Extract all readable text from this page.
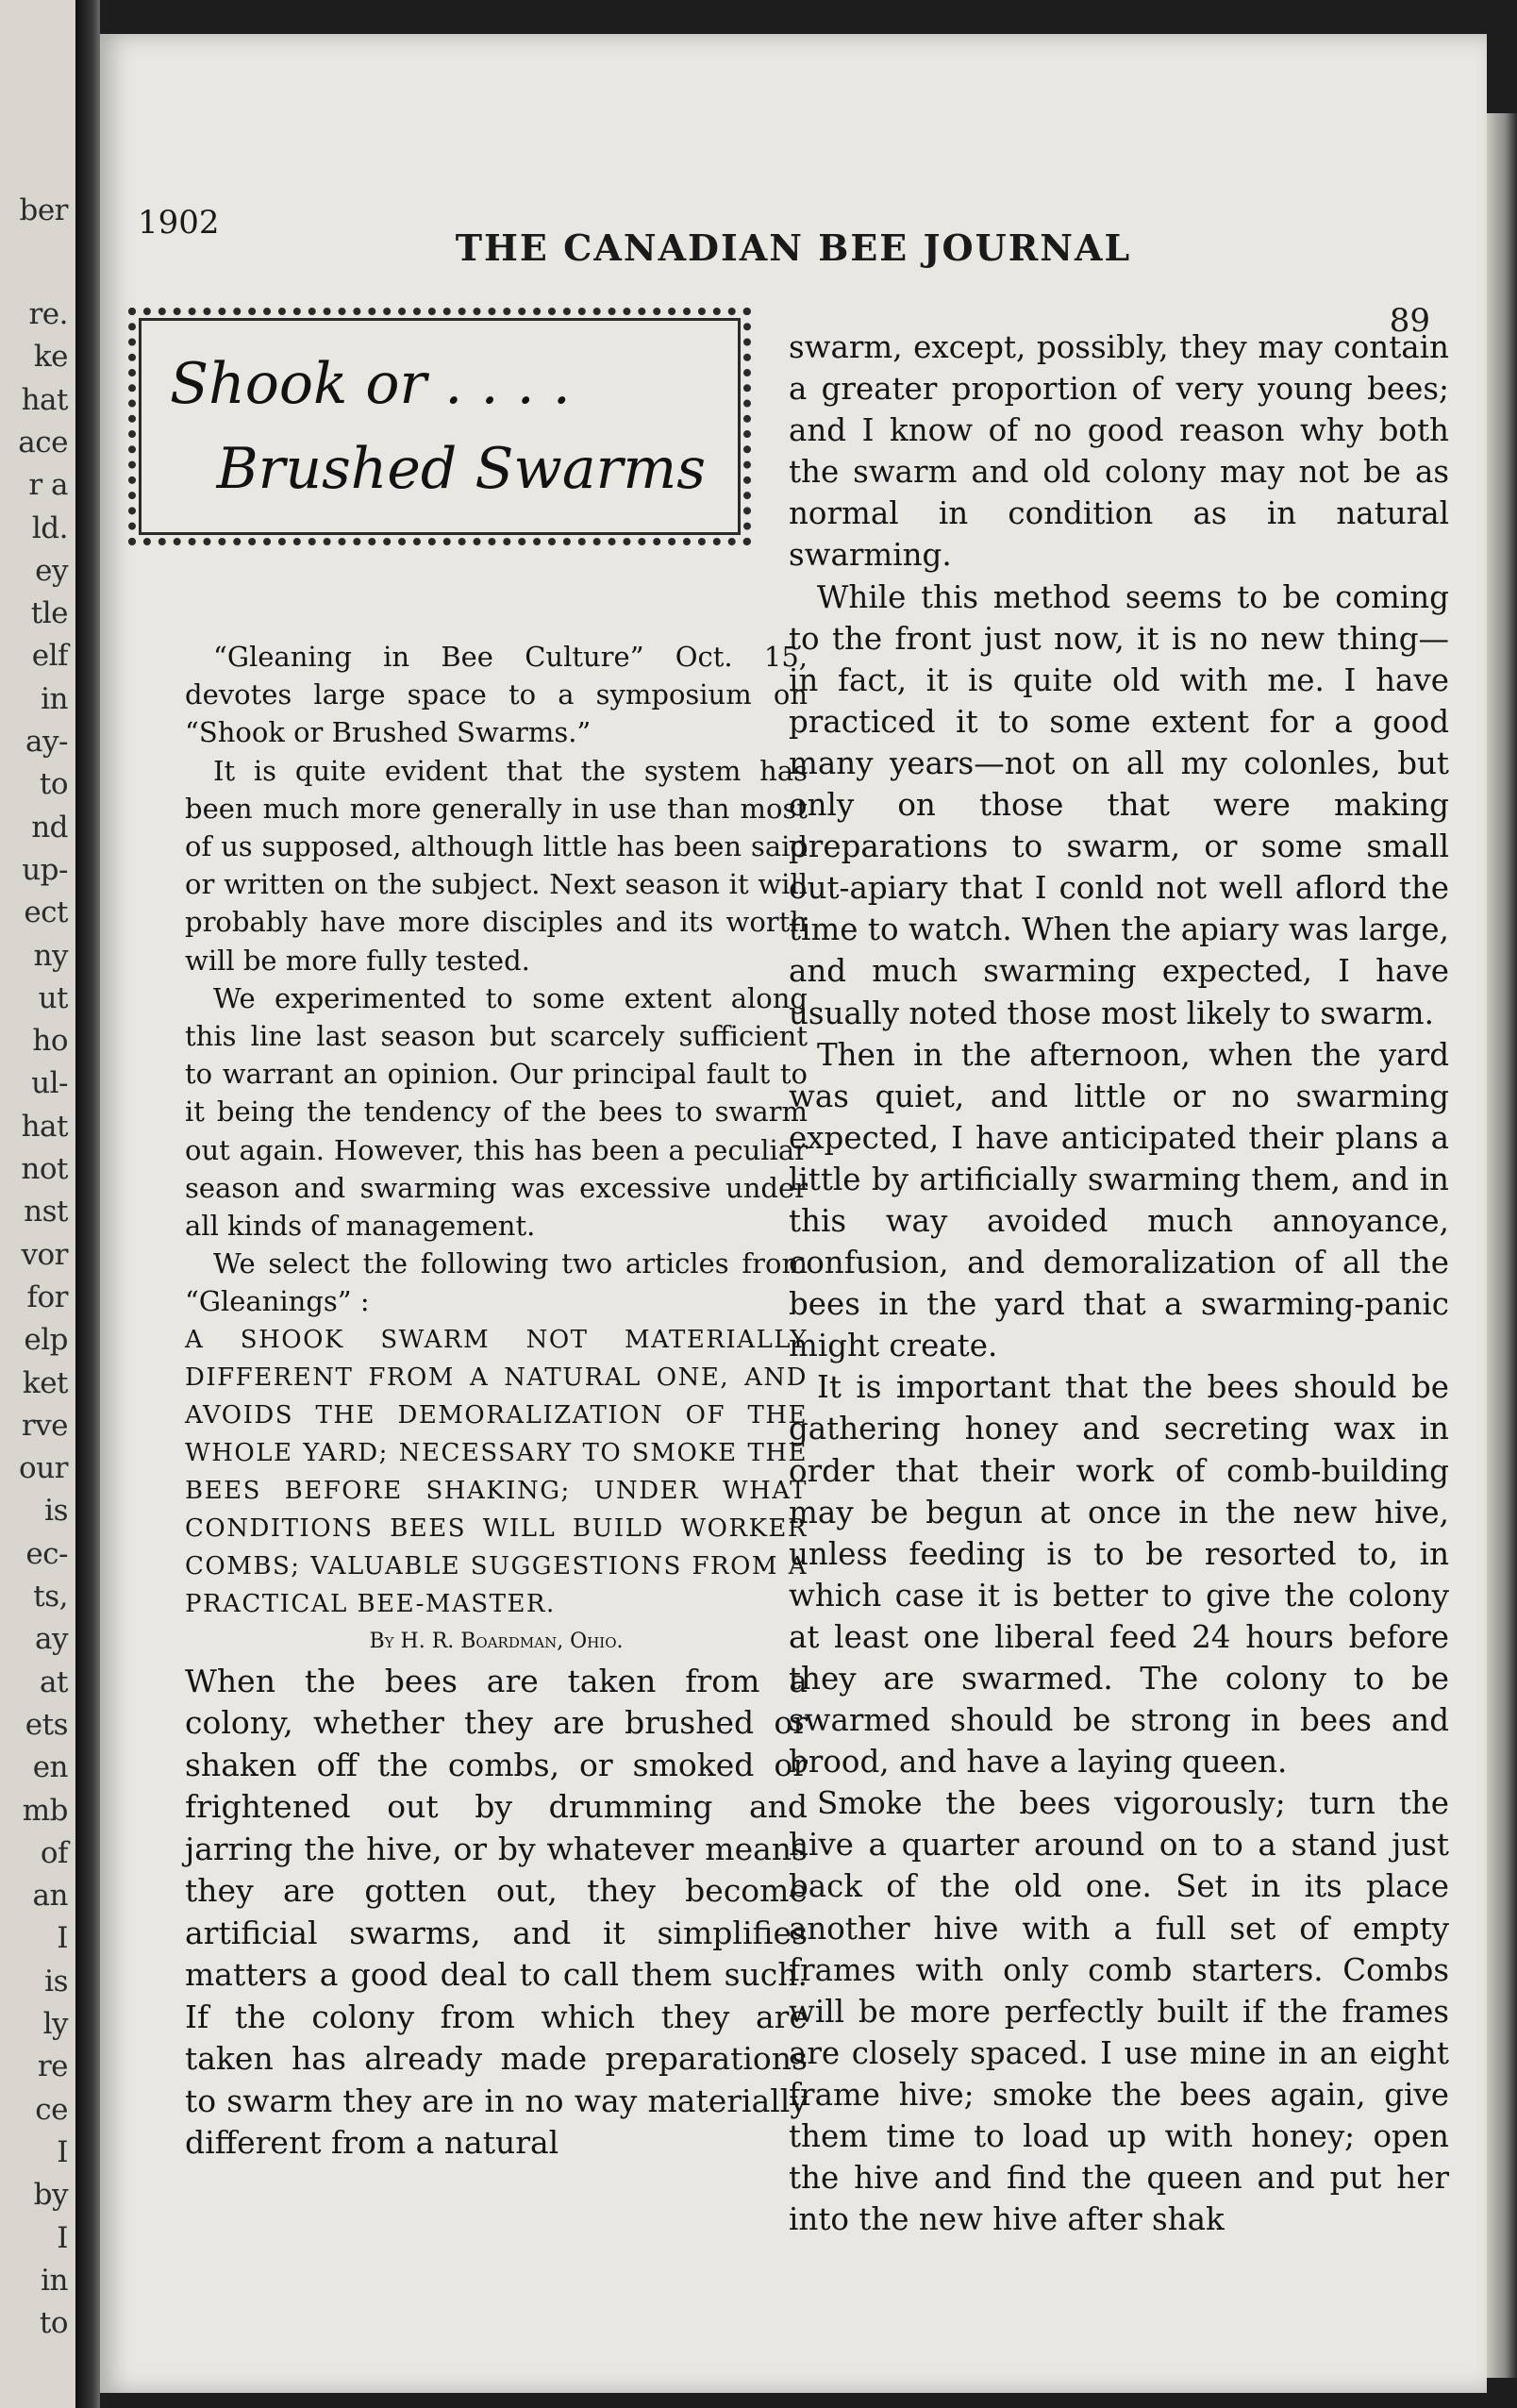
ber
re.
ke
hat
ace
r a
ld.
ey
tle
elf
in
ay-
to
nd
up-
ect
ny
ut
ho
ul-
hat
not
nst
vor
for
elp
ket
rve
our
is
ec-
ts,
ay
at
ets
en
mb
of
an
I
is
ly
re
ce
I
by
I
in
to
1902
THE CANADIAN BEE JOURNAL
89
Shook or . . . .
Brushed Swarms

“Gleaning in Bee Culture” Oct. 15, devotes large space to a symposium on “Shook or Brushed Swarms.”

It is quite evident that the system has been much more generally in use than most of us supposed, although little has been said or written on the subject. Next season it will probably have more disciples and its worth will be more fully tested.

We experimented to some extent along this line last season but scarcely sufficient to warrant an opinion. Our principal fault to it being the tendency of the bees to swarm out again. However, this has been a peculiar season and swarming was excessive under all kinds of management.

We select the following two articles from “Gleanings” :

A SHOOK SWARM NOT MATERIALLY DIFFERENT FROM A NATURAL ONE, AND AVOIDS THE DEMORALIZATION OF THE WHOLE YARD; NECESSARY TO SMOKE THE BEES BEFORE SHAKING; UNDER WHAT CONDITIONS BEES WILL BUILD WORKER COMBS; VALUABLE SUGGESTIONS FROM A PRACTICAL BEE-MASTER.

By H. R. Boardman, Ohio.

When the bees are taken from a colony, whether they are brushed or shaken off the combs, or smoked or frightened out by drumming and jarring the hive, or by whatever means they are gotten out, they become artificial swarms, and it simplifies matters a good deal to call them such. If the colony from which they are taken has already made preparations to swarm they are in no way materially different from a natural

swarm, except, possibly, they may contain a greater proportion of very young bees; and I know of no good reason why both the swarm and old colony may not be as normal in condition as in natural swarming.

While this method seems to be coming to the front just now, it is no new thing—in fact, it is quite old with me. I have practiced it to some extent for a good many years—not on all my colonles, but only on those that were making preparations to swarm, or some small out-apiary that I conld not well aflord the time to watch. When the apiary was large, and much swarming expected, I have usually noted those most likely to swarm.

Then in the afternoon, when the yard was quiet, and little or no swarming expected, I have anticipated their plans a little by artificially swarming them, and in this way avoided much annoyance, confusion, and demoralization of all the bees in the yard that a swarming-panic might create.

It is important that the bees should be gathering honey and secreting wax in order that their work of comb-building may be begun at once in the new hive, unless feeding is to be resorted to, in which case it is better to give the colony at least one liberal feed 24 hours before they are swarmed. The colony to be swarmed should be strong in bees and brood, and have a laying queen.

Smoke the bees vigorously; turn the hive a quarter around on to a stand just back of the old one. Set in its place another hive with a full set of empty frames with only comb starters. Combs will be more perfectly built if the frames are closely spaced. I use mine in an eight frame hive; smoke the bees again, give them time to load up with honey; open the hive and find the queen and put her into the new hive after shak
